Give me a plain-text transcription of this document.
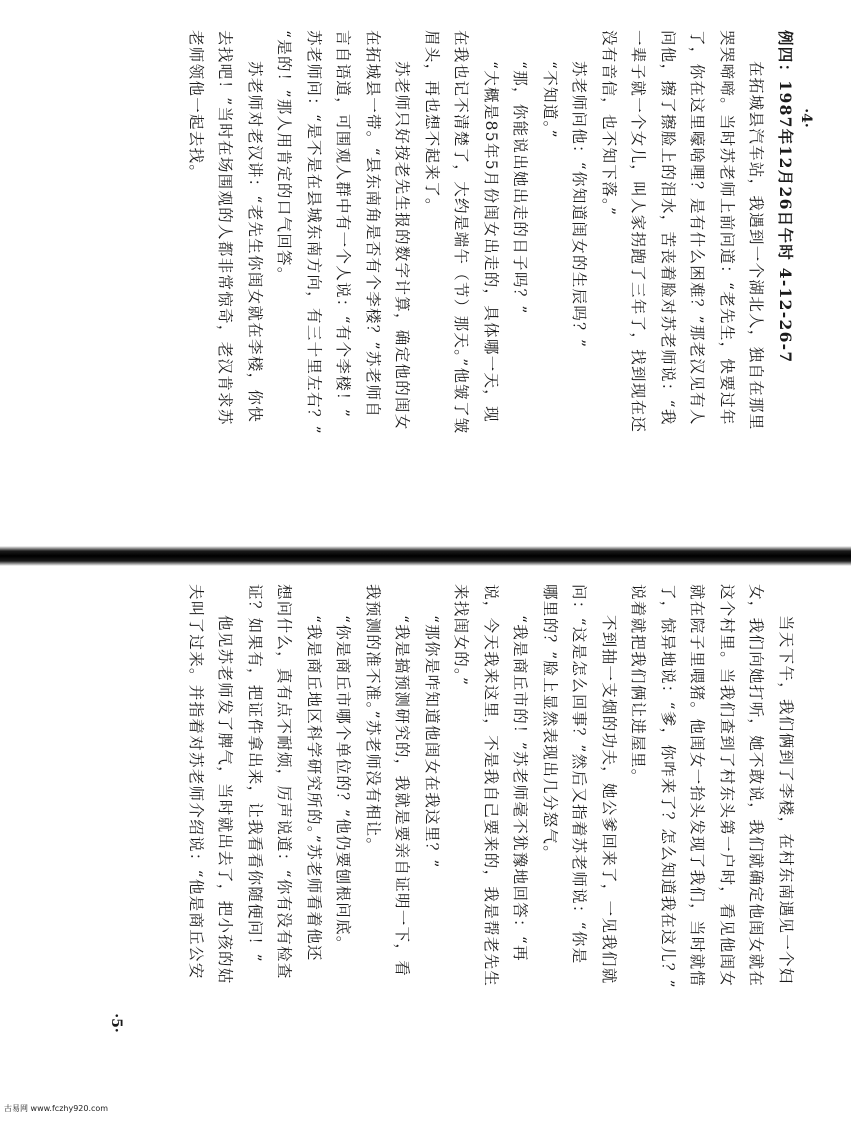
例四：1987年12月26日午时 4-12-26-7
在拓城县汽车站，我遇到一个湖北人，独自在那里
哭哭啼啼。当时苏老师上前问道：“老先生，快要过年
了，你在这里嚎啥哩？是有什么困难？”那老汉见有人
问他，擦了擦脸上的泪水，苦丧着脸对苏老师说：“我
一辈子就一个女儿，叫人家拐跑了三年了，找到现在还
没有音信，也不知下落。”
苏老师问他：“你知道闺女的生辰吗？”
“不知道。”
“那，你能说出她出走的日子吗？”
“大概是85年5月份闺女出走的，具体哪一天，现
在我也记不清楚了，大约是端午（节）那天。”他皱了皱
眉头，再也想不起来了。
苏老师只好按老先生报的数字计算，确定他的闺女
在拓城县一带。“县东南角是否有个李楼？”苏老师自
言自语道，可围观人群中有一个人说：“有个李楼！”
苏老师问：“是不是在县城东南方向，有三十里左右？”
“是的！”那人用肯定的口气回答。
苏老师对老汉讲：“老先生你闺女就在李楼，你快
去找吧！”当时在场围观的人都非常惊奇，老汉肯求苏
老师领他一起去找。	·4·
当天下午，我们俩到了李楼，在村东南遇见一个妇
女，我们向她打听，她不敢说，我们就确定他闺女就在
这个村里。当我们查到了村东头第一户时，看见他闺女
就在院子里喂猪。他闺女一抬头发现了我们，当时就惜
了，惊异地说：“爹，你咋来了？怎么知道我在这儿？”
说着就把我们俩让进屋里。
不到抽一支烟的功夫，她公爹回来了，一见我们就
问：“这是怎么回事？”然后又指着苏老师说：“你是
哪里的？”脸上显然表现出几分怒气。
“我是商丘市的！”苏老师毫不犹豫地回答：“再
说，今天我来这里，不是我自己要来的，我是帮老先生
来找闺女的。”
“那你是咋知道他闺女在我这里？”
“我是搞预测研究的，我就是要亲自证明一下，看
我预测的准不准。”苏老师没有相让。
“你是商丘市哪个单位的？”他仍要刨根问底。
“我是商丘地区科学研究所的。”苏老师看着他还
想问什么，真有点不耐烦，厉声说道：“你有没有检查
证？如果有，把证件拿出来，让我看看你随便问！”
他见苏老师发了脾气，当时就出去了，把小孩的姑
夫叫了过来。并指着对苏老师介绍说：“他是商丘公安
·5·
古易网 www.fczhy920.com
